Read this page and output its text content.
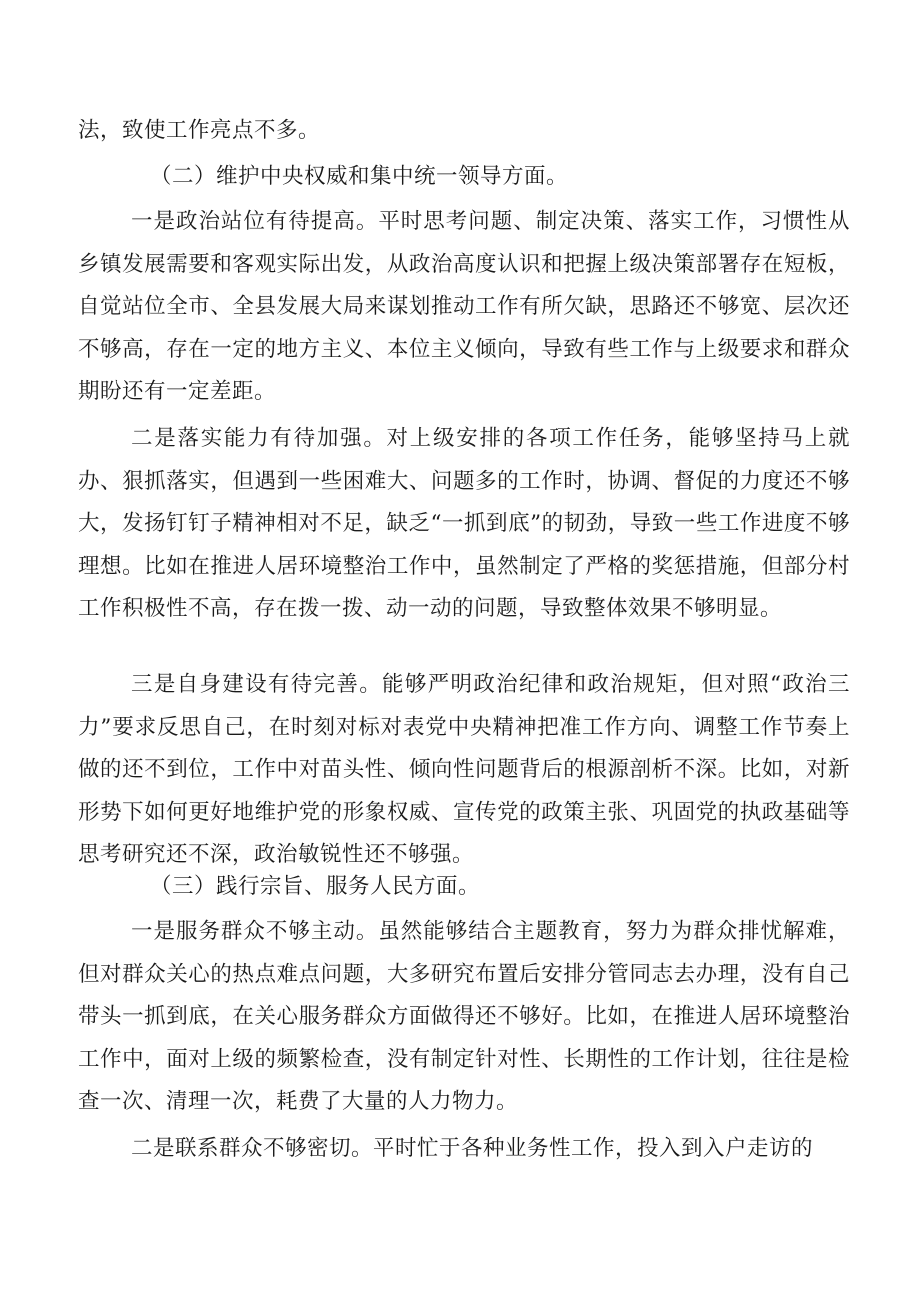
法，致使工作亮点不多。

（二）维护中央权威和集中统一领导方面。

一是政治站位有待提高。平时思考问题、制定决策、落实工作，习惯性从乡镇发展需要和客观实际出发，从政治高度认识和把握上级决策部署存在短板，自觉站位全市、全县发展大局来谋划推动工作有所欠缺，思路还不够宽、层次还不够高，存在一定的地方主义、本位主义倾向，导致有些工作与上级要求和群众期盼还有一定差距。

二是落实能力有待加强。对上级安排的各项工作任务，能够坚持马上就办、狠抓落实，但遇到一些困难大、问题多的工作时，协调、督促的力度还不够大，发扬钉钉子精神相对不足，缺乏“一抓到底”的韧劲，导致一些工作进度不够理想。比如在推进人居环境整治工作中，虽然制定了严格的奖惩措施，但部分村工作积极性不高，存在拨一拨、动一动的问题，导致整体效果不够明显。

三是自身建设有待完善。能够严明政治纪律和政治规矩，但对照“政治三力”要求反思自己，在时刻对标对表党中央精神把准工作方向、调整工作节奏上做的还不到位，工作中对苗头性、倾向性问题背后的根源剖析不深。比如，对新形势下如何更好地维护党的形象权威、宣传党的政策主张、巩固党的执政基础等思考研究还不深，政治敏锐性还不够强。

（三）践行宗旨、服务人民方面。

一是服务群众不够主动。虽然能够结合主题教育，努力为群众排忧解难，但对群众关心的热点难点问题，大多研究布置后安排分管同志去办理，没有自己带头一抓到底，在关心服务群众方面做得还不够好。比如，在推进人居环境整治工作中，面对上级的频繁检查，没有制定针对性、长期性的工作计划，往往是检查一次、清理一次，耗费了大量的人力物力。

二是联系群众不够密切。平时忙于各种业务性工作，投入到入户走访的
